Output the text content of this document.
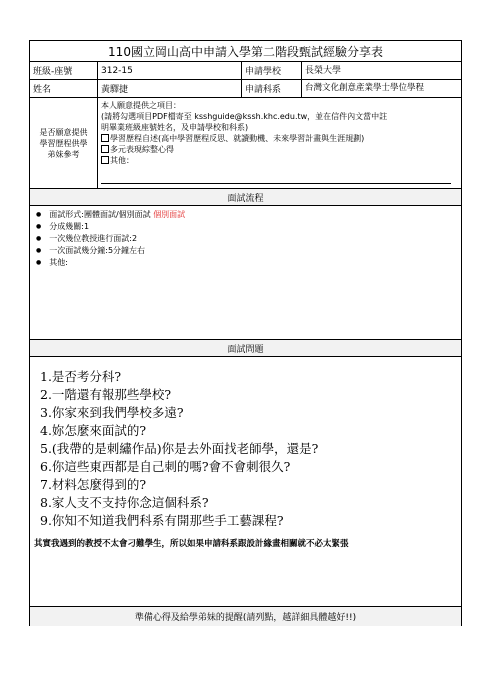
110國立岡山高中申請入學第二階段甄試經驗分享表
班級-座號	312-15	申請學校	長榮大學
姓名	黃驛捷	申請科系	台灣文化創意產業學士學位學程
是否願意提供
學習歷程供學
弟妹參考
本人願意提供之項目：
(請將勾選項目PDF檔寄至 ksshguide@kssh.khc.edu.tw，並在信件內文當中註
明畢業班級座號姓名，及申請學校和科系)
學習歷程自述(高中學習歷程反思、就讀動機、未來學習計畫與生涯規劃)
多元表現綜整心得
其他：
面試流程
● 面試形式:團體面試/個別面試 個別面試
● 分成幾關:1
● 一次幾位教授進行面試:2
● 一次面試幾分鐘:5分鐘左右
● 其他:
面試問題
1.是否考分科?
2.一階還有報那些學校?
3.你家來到我們學校多遠?
4.妳怎麼來面試的?
5.(我帶的是刺繡作品)你是去外面找老師學，還是?
6.你這些東西都是自己刺的嗎?會不會刺很久?
7.材料怎麼得到的?
8.家人支不支持你念這個科系?
9.你知不知道我們科系有開那些手工藝課程?
其實我遇到的教授不太會刁難學生，所以如果申請科系跟設計緣畫相關就不必太緊張
準備心得及給學弟妹的提醒(請列點，越詳細具體越好!!)
